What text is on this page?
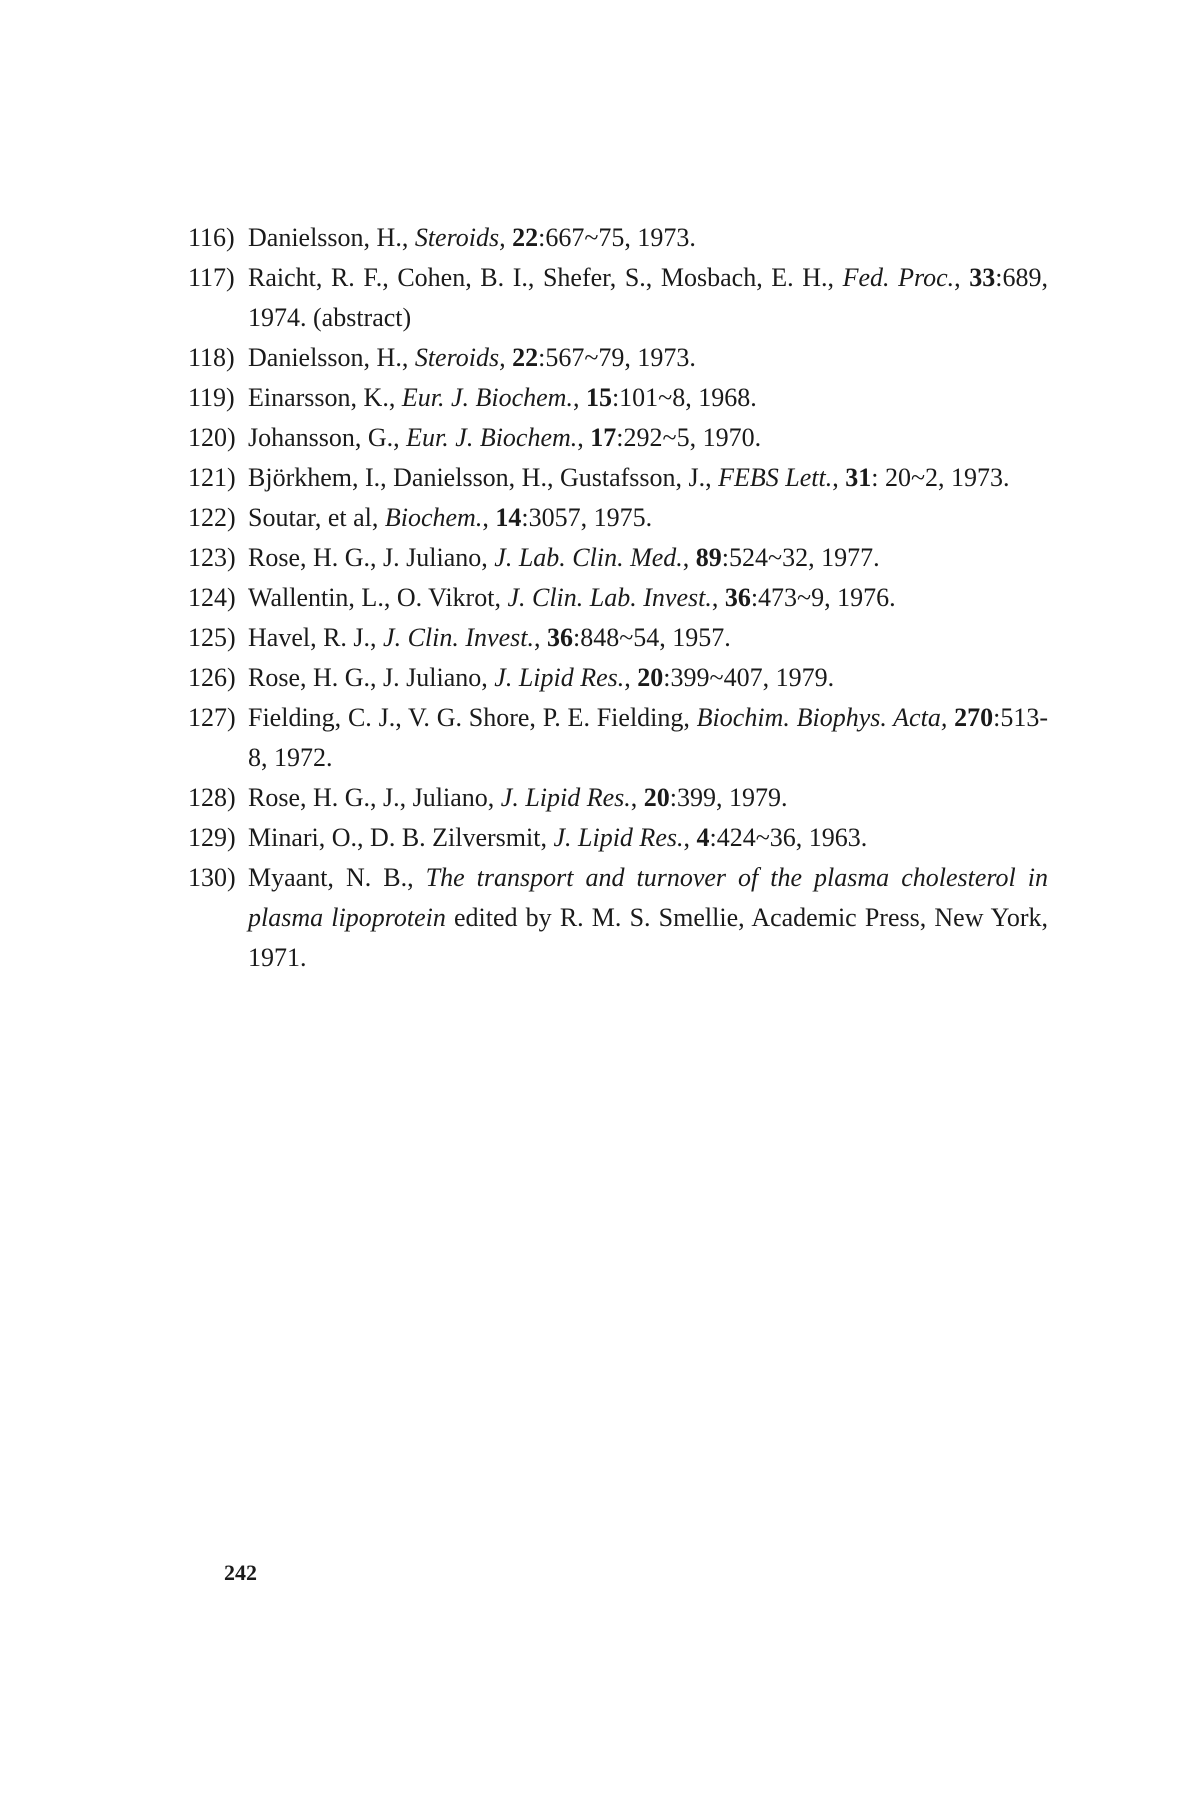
116) Danielsson, H., Steroids, 22:667~75, 1973.
117) Raicht, R. F., Cohen, B. I., Shefer, S., Mosbach, E. H., Fed. Proc., 33:689, 1974. (abstract)
118) Danielsson, H., Steroids, 22:567~79, 1973.
119) Einarsson, K., Eur. J. Biochem., 15:101~8, 1968.
120) Johansson, G., Eur. J. Biochem., 17:292~5, 1970.
121) Björkhem, I., Danielsson, H., Gustafsson, J., FEBS Lett., 31: 20~2, 1973.
122) Soutar, et al, Biochem., 14:3057, 1975.
123) Rose, H. G., J. Juliano, J. Lab. Clin. Med., 89:524~32, 1977.
124) Wallentin, L., O. Vikrot, J. Clin. Lab. Invest., 36:473~9, 1976.
125) Havel, R. J., J. Clin. Invest., 36:848~54, 1957.
126) Rose, H. G., J. Juliano, J. Lipid Res., 20:399~407, 1979.
127) Fielding, C. J., V. G. Shore, P. E. Fielding, Biochim. Biophys. Acta, 270:513-8, 1972.
128) Rose, H. G., J., Juliano, J. Lipid Res., 20:399, 1979.
129) Minari, O., D. B. Zilversmit, J. Lipid Res., 4:424~36, 1963.
130) Myaant, N. B., The transport and turnover of the plasma cholesterol in plasma lipoprotein edited by R. M. S. Smellie, Academic Press, New York, 1971.
242
